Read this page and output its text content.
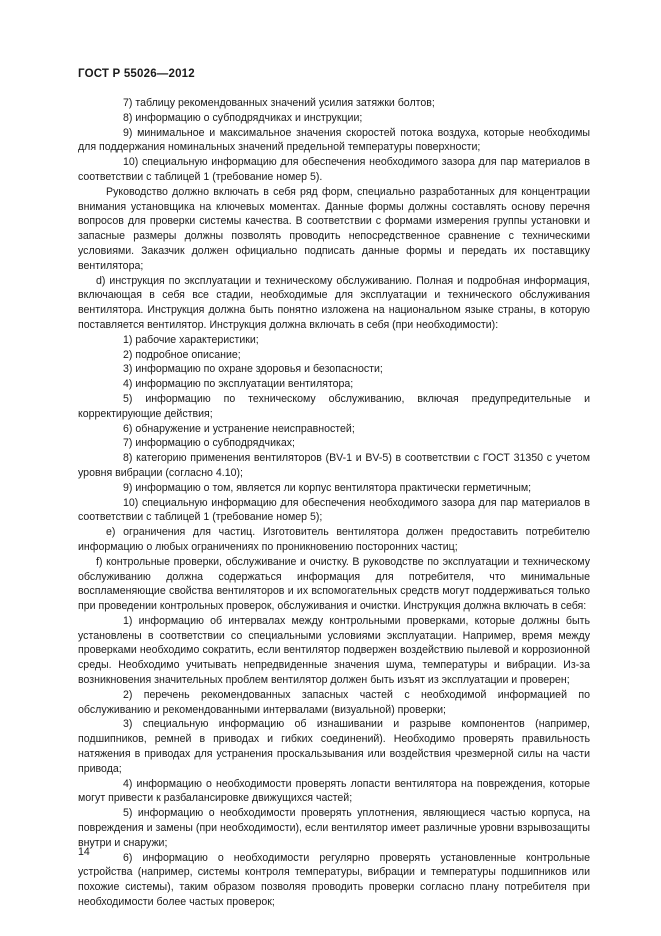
ГОСТ Р 55026—2012

7) таблицу рекомендованных значений усилия затяжки болтов;

8) информацию о субподрядчиках и инструкции;

9) минимальное и максимальное значения скоростей потока воздуха, которые необходимы для поддержания номинальных значений предельной температуры поверхности;

10) специальную информацию для обеспечения необходимого зазора для пар материалов в соответствии с таблицей 1 (требование номер 5).

Руководство должно включать в себя ряд форм, специально разработанных для концентрации внимания установщика на ключевых моментах. Данные формы должны составлять основу перечня вопросов для проверки системы качества. В соответствии с формами измерения группы установки и запасные размеры должны позволять проводить непосредственное сравнение с техническими условиями. Заказчик должен официально подписать данные формы и передать их поставщику вентилятора;

d) инструкция по эксплуатации и техническому обслуживанию. Полная и подробная информация, включающая в себя все стадии, необходимые для эксплуатации и технического обслуживания вентилятора. Инструкция должна быть понятно изложена на национальном языке страны, в которую поставляется вентилятор. Инструкция должна включать в себя (при необходимости):

1) рабочие характеристики;

2) подробное описание;

3) информацию по охране здоровья и безопасности;

4) информацию по эксплуатации вентилятора;

5) информацию по техническому обслуживанию, включая предупредительные и корректирующие действия;

6) обнаружение и устранение неисправностей;

7) информацию о субподрядчиках;

8) категорию применения вентиляторов (BV-1 и BV-5) в соответствии с ГОСТ 31350 с учетом уровня вибрации (согласно 4.10);

9) информацию о том, является ли корпус вентилятора практически герметичным;

10) специальную информацию для обеспечения необходимого зазора для пар материалов в соответствии с таблицей 1 (требование номер 5);

e) ограничения для частиц. Изготовитель вентилятора должен предоставить потребителю информацию о любых ограничениях по проникновению посторонних частиц;

f) контрольные проверки, обслуживание и очистку. В руководстве по эксплуатации и техническому обслуживанию должна содержаться информация для потребителя, что минимальные воспламеняющие свойства вентиляторов и их вспомогательных средств могут поддерживаться только при проведении контрольных проверок, обслуживания и очистки. Инструкция должна включать в себя:

1) информацию об интервалах между контрольными проверками, которые должны быть установлены в соответствии со специальными условиями эксплуатации. Например, время между проверками необходимо сократить, если вентилятор подвержен воздействию пылевой и коррозионной среды. Необходимо учитывать непредвиденные значения шума, температуры и вибрации. Из-за возникновения значительных проблем вентилятор должен быть изъят из эксплуатации и проверен;

2) перечень рекомендованных запасных частей с необходимой информацией по обслуживанию и рекомендованными интервалами (визуальной) проверки;

3) специальную информацию об изнашивании и разрыве компонентов (например, подшипников, ремней в приводах и гибких соединений). Необходимо проверять правильность натяжения в приводах для устранения проскальзывания или воздействия чрезмерной силы на части привода;

4) информацию о необходимости проверять лопасти вентилятора на повреждения, которые могут привести к разбалансировке движущихся частей;

5) информацию о необходимости проверять уплотнения, являющиеся частью корпуса, на повреждения и замены (при необходимости), если вентилятор имеет различные уровни взрывозащиты внутри и снаружи;

6) информацию о необходимости регулярно проверять установленные контрольные устройства (например, системы контроля температуры, вибрации и температуры подшипников или похожие системы), таким образом позволяя проводить проверки согласно плану потребителя при необходимости более частых проверок;

14
